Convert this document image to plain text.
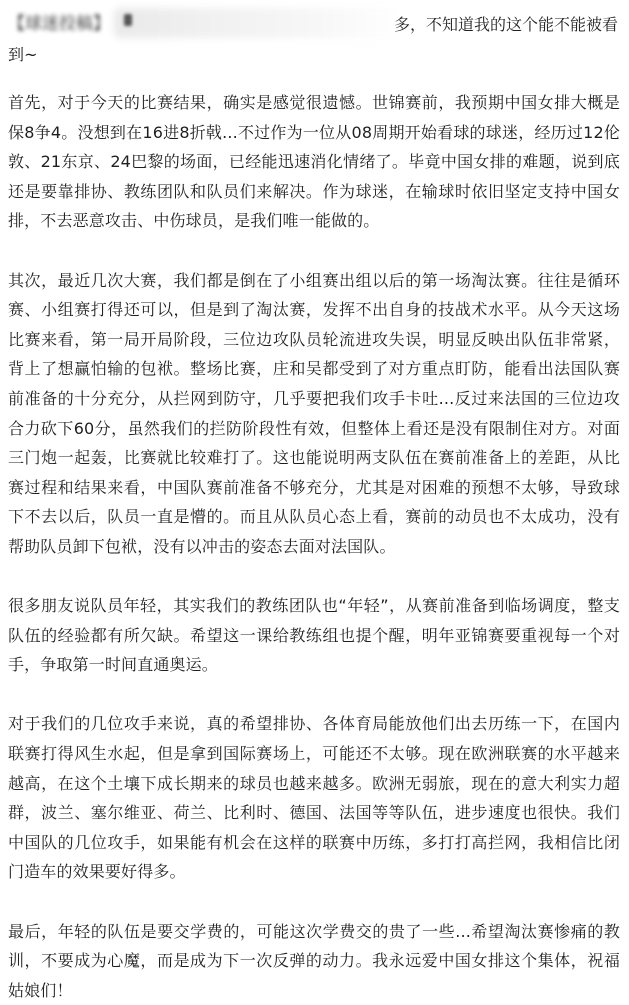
【球迷投稿】	多，不知道我的这个能不能被看
到~

首先，对于今天的比赛结果，确实是感觉很遗憾。世锦赛前，我预期中国女排大概是保8争4。没想到在16进8折戟...不过作为一位从08周期开始看球的球迷，经历过12伦敦、21东京、24巴黎的场面，已经能迅速消化情绪了。毕竟中国女排的难题，说到底还是要靠排协、教练团队和队员们来解决。作为球迷，在输球时依旧坚定支持中国女排，不去恶意攻击、中伤球员，是我们唯一能做的。

其次，最近几次大赛，我们都是倒在了小组赛出组以后的第一场淘汰赛。往往是循环赛、小组赛打得还可以，但是到了淘汰赛，发挥不出自身的技战术水平。从今天这场比赛来看，第一局开局阶段，三位边攻队员轮流进攻失误，明显反映出队伍非常紧，背上了想赢怕输的包袱。整场比赛，庄和吴都受到了对方重点盯防，能看出法国队赛前准备的十分充分，从拦网到防守，几乎要把我们攻手卡吐...反过来法国的三位边攻合力砍下60分，虽然我们的拦防阶段性有效，但整体上看还是没有限制住对方。对面三门炮一起轰，比赛就比较难打了。这也能说明两支队伍在赛前准备上的差距，从比赛过程和结果来看，中国队赛前准备不够充分，尤其是对困难的预想不太够，导致球下不去以后，队员一直是懵的。而且从队员心态上看，赛前的动员也不太成功，没有帮助队员卸下包袱，没有以冲击的姿态去面对法国队。

很多朋友说队员年轻，其实我们的教练团队也“年轻”，从赛前准备到临场调度，整支队伍的经验都有所欠缺。希望这一课给教练组也提个醒，明年亚锦赛要重视每一个对手，争取第一时间直通奥运。

对于我们的几位攻手来说，真的希望排协、各体育局能放他们出去历练一下，在国内联赛打得风生水起，但是拿到国际赛场上，可能还不太够。现在欧洲联赛的水平越来越高，在这个土壤下成长期来的球员也越来越多。欧洲无弱旅，现在的意大利实力超群，波兰、塞尔维亚、荷兰、比利时、德国、法国等等队伍，进步速度也很快。我们中国队的几位攻手，如果能有机会在这样的联赛中历练，多打打高拦网，我相信比闭门造车的效果要好得多。

最后，年轻的队伍是要交学费的，可能这次学费交的贵了一些...希望淘汰赛惨痛的教训，不要成为心魔，而是成为下一次反弹的动力。我永远爱中国女排这个集体，祝福姑娘们！
